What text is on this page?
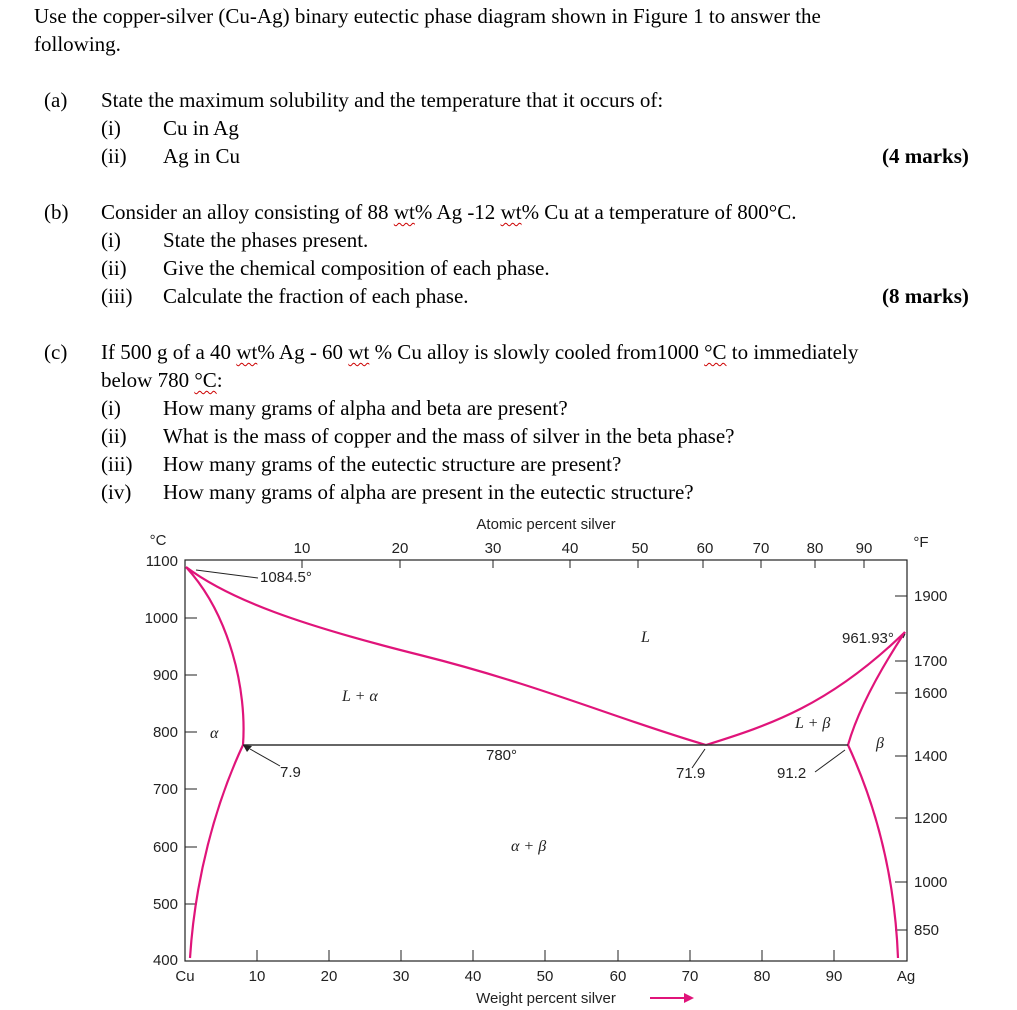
Use the copper-silver (Cu-Ag) binary eutectic phase diagram shown in Figure 1 to answer the
following.
(a) State the maximum solubility and the temperature that it occurs of:
(i) Cu in Ag
(ii) Ag in Cu	(4 marks)
(b) Consider an alloy consisting of 88 wt% Ag -12 wt% Cu at a temperature of 800°C.
(i) State the phases present.
(ii) Give the chemical composition of each phase.
(iii) Calculate the fraction of each phase.	(8 marks)
(c) If 500 g of a 40 wt% Ag - 60 wt % Cu alloy is slowly cooled from1000 °C to immediately
below 780 °C:
(i) How many grams of alpha and beta are present?
(ii) What is the mass of copper and the mass of silver in the beta phase?
(iii) How many grams of the eutectic structure are present?
(iv) How many grams of alpha are present in the eutectic structure?
Atomic percent silver
10	20	30	40	50	60	70 80 90
°C	°F
1100
1000
900
800
700
600
500
400
1900
1700
1600
1400
1200
1000
850
Cu	10	20	30	40	50	60	70	80	90	Ag
Weight percent silver
1084.5°
961.93°
L
L + α
L + β
α
β
780°
α + β
7.9	71.9	91.2
